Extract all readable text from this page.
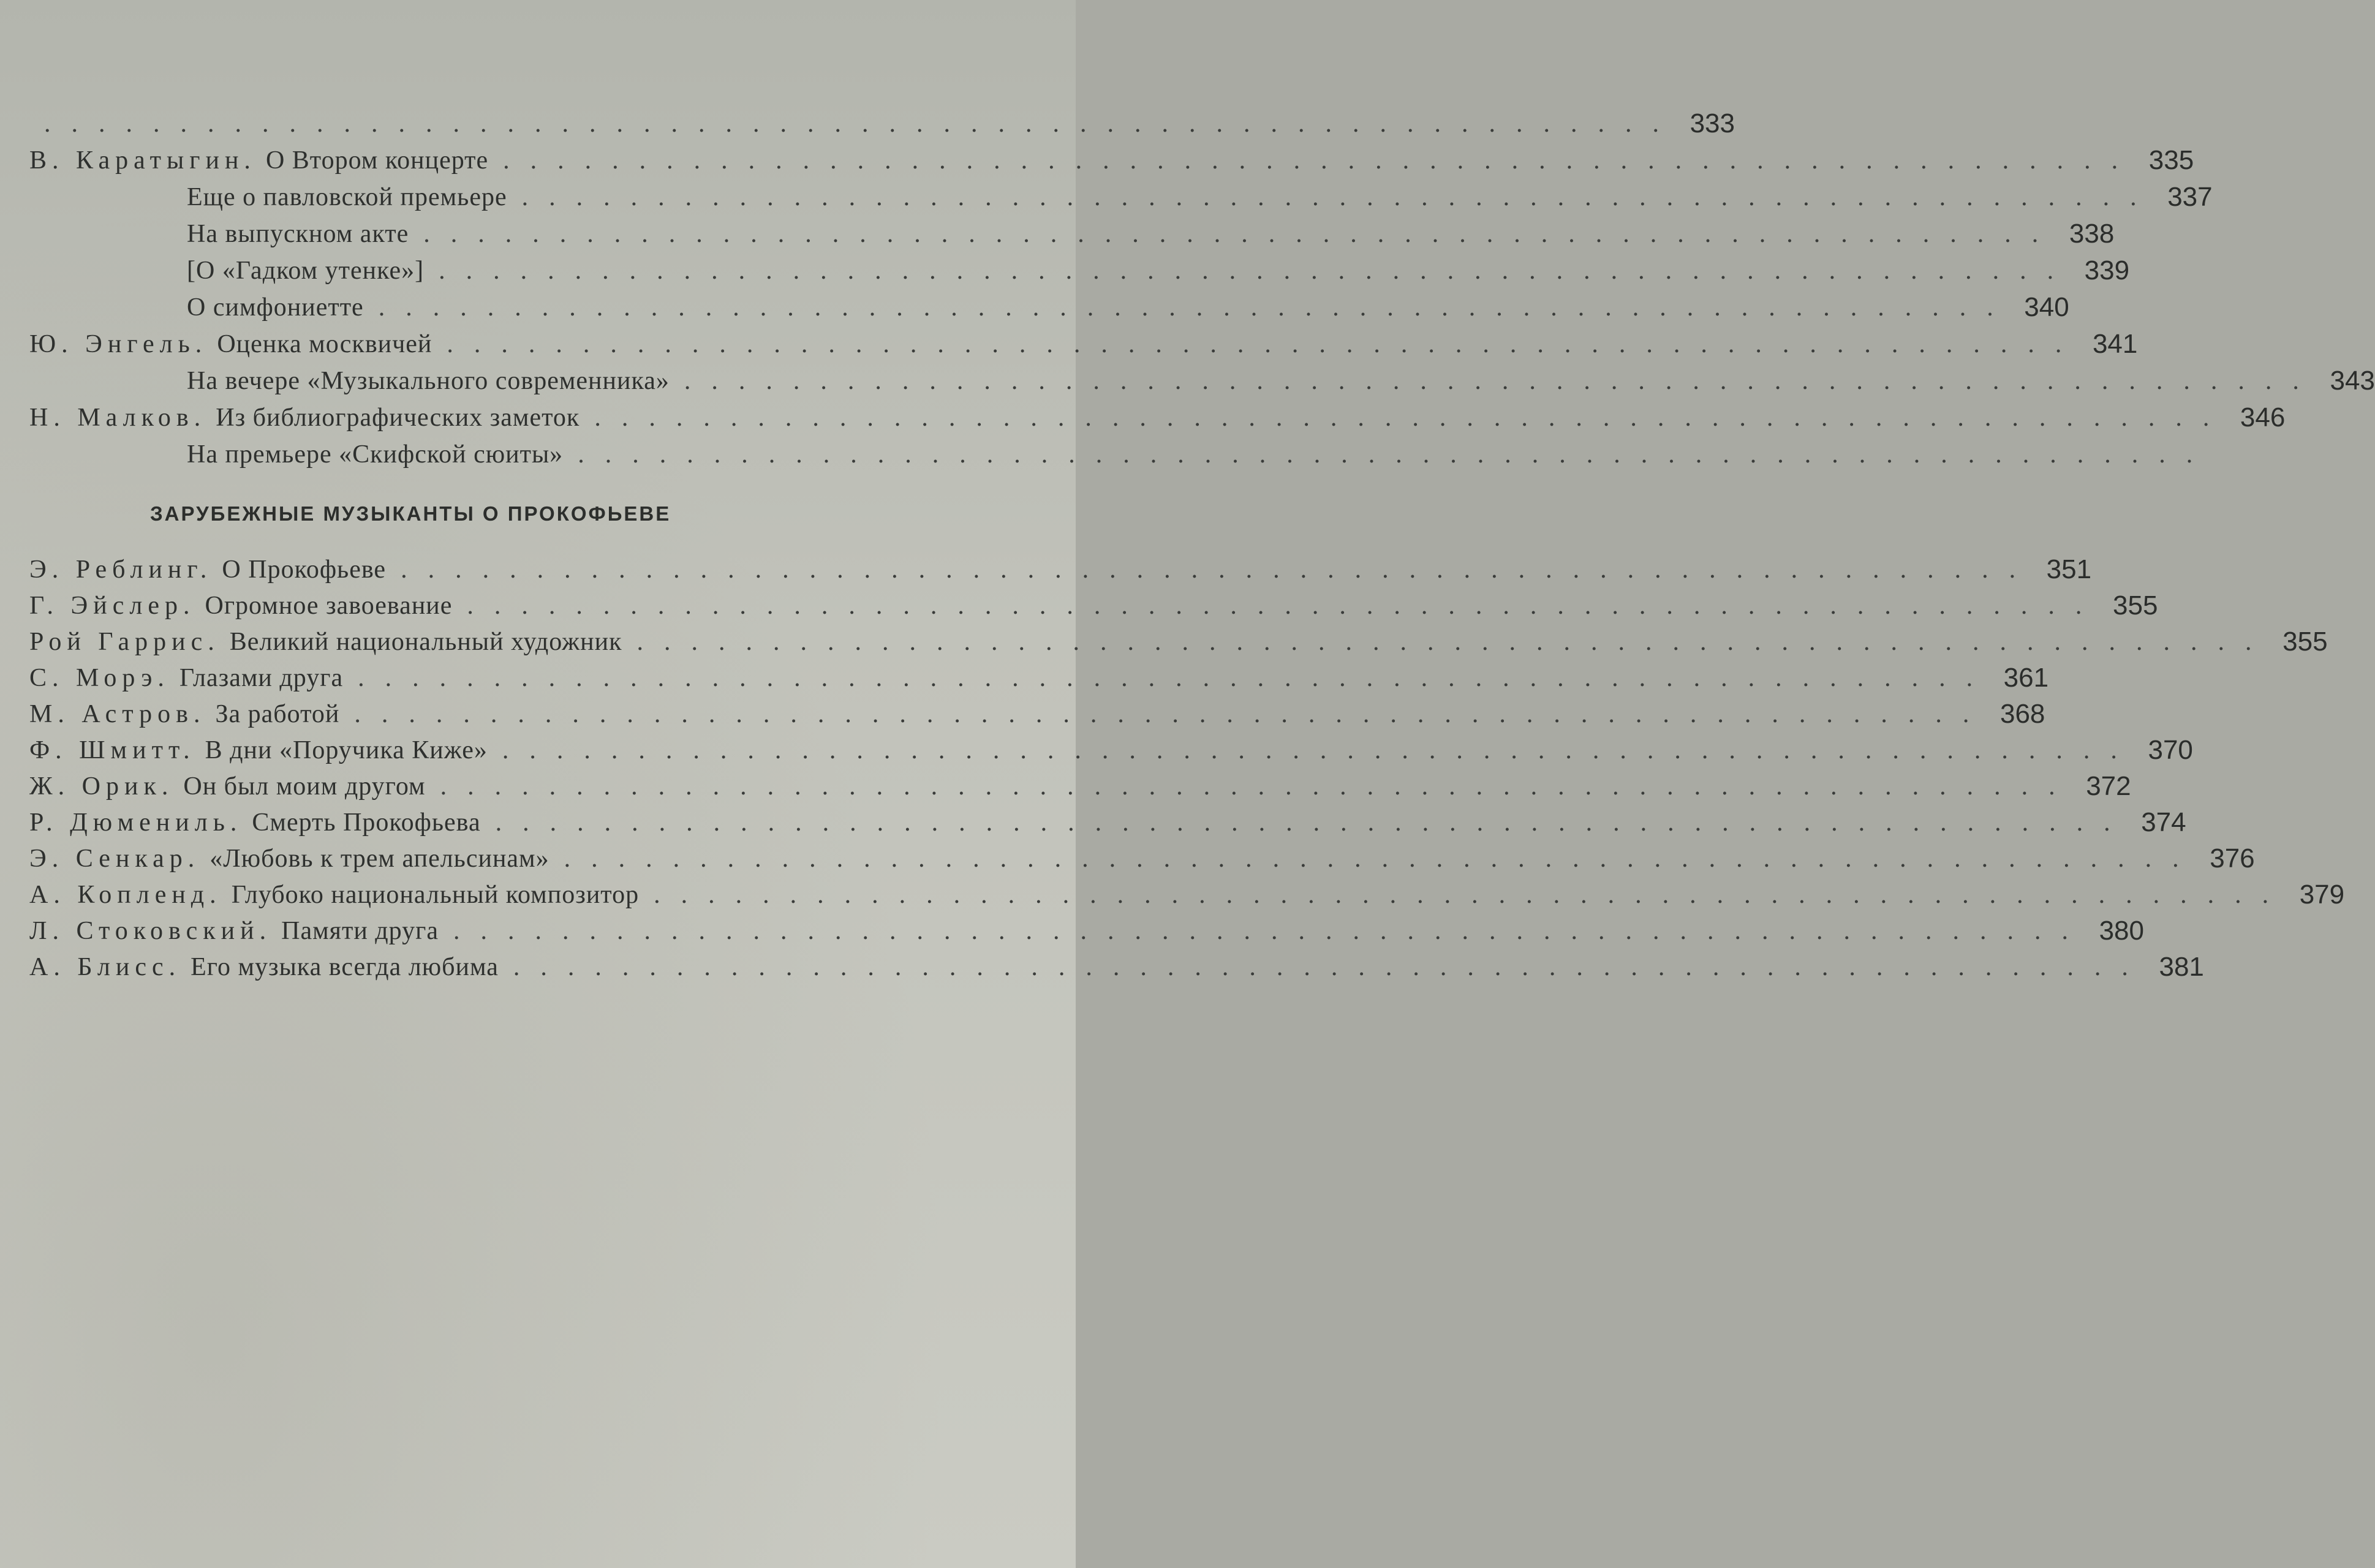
............................................................ 333
В. Каратыгин. О Втором концерте ............................................................ 335
Еще о павловской премьере ............................................................ 337
На выпускном акте ............................................................ 338
[О «Гадком утенке»] ............................................................ 339
О симфониетте ............................................................ 340
Ю. Энгель. Оценка москвичей ............................................................ 341
На вечере «Музыкального современника» ............................................................ 343
Н. Малков. Из библиографических заметок ............................................................ 346
На премьере «Скифской сюиты» ............................................................
ЗАРУБЕЖНЫЕ МУЗЫКАНТЫ О ПРОКОФЬЕВЕ
Э. Реблинг. О Прокофьеве ............................................................ 351
Г. Эйслер. Огромное завоевание ............................................................ 355
Рой Гаррис. Великий национальный художник ............................................................ 355
С. Морэ. Глазами друга ............................................................ 361
М. Астров. За работой ............................................................ 368
Ф. Шмитт. В дни «Поручика Киже» ............................................................ 370
Ж. Орик. Он был моим другом ............................................................ 372
Р. Дюмениль. Смерть Прокофьева ............................................................ 374
Э. Сенкар. «Любовь к трем апельсинам» ............................................................ 376
А. Копленд. Глубоко национальный композитор ............................................................ 379
Л. Стоковский. Памяти друга ............................................................ 380
А. Блисс. Его музыка всегда любима ............................................................ 381
